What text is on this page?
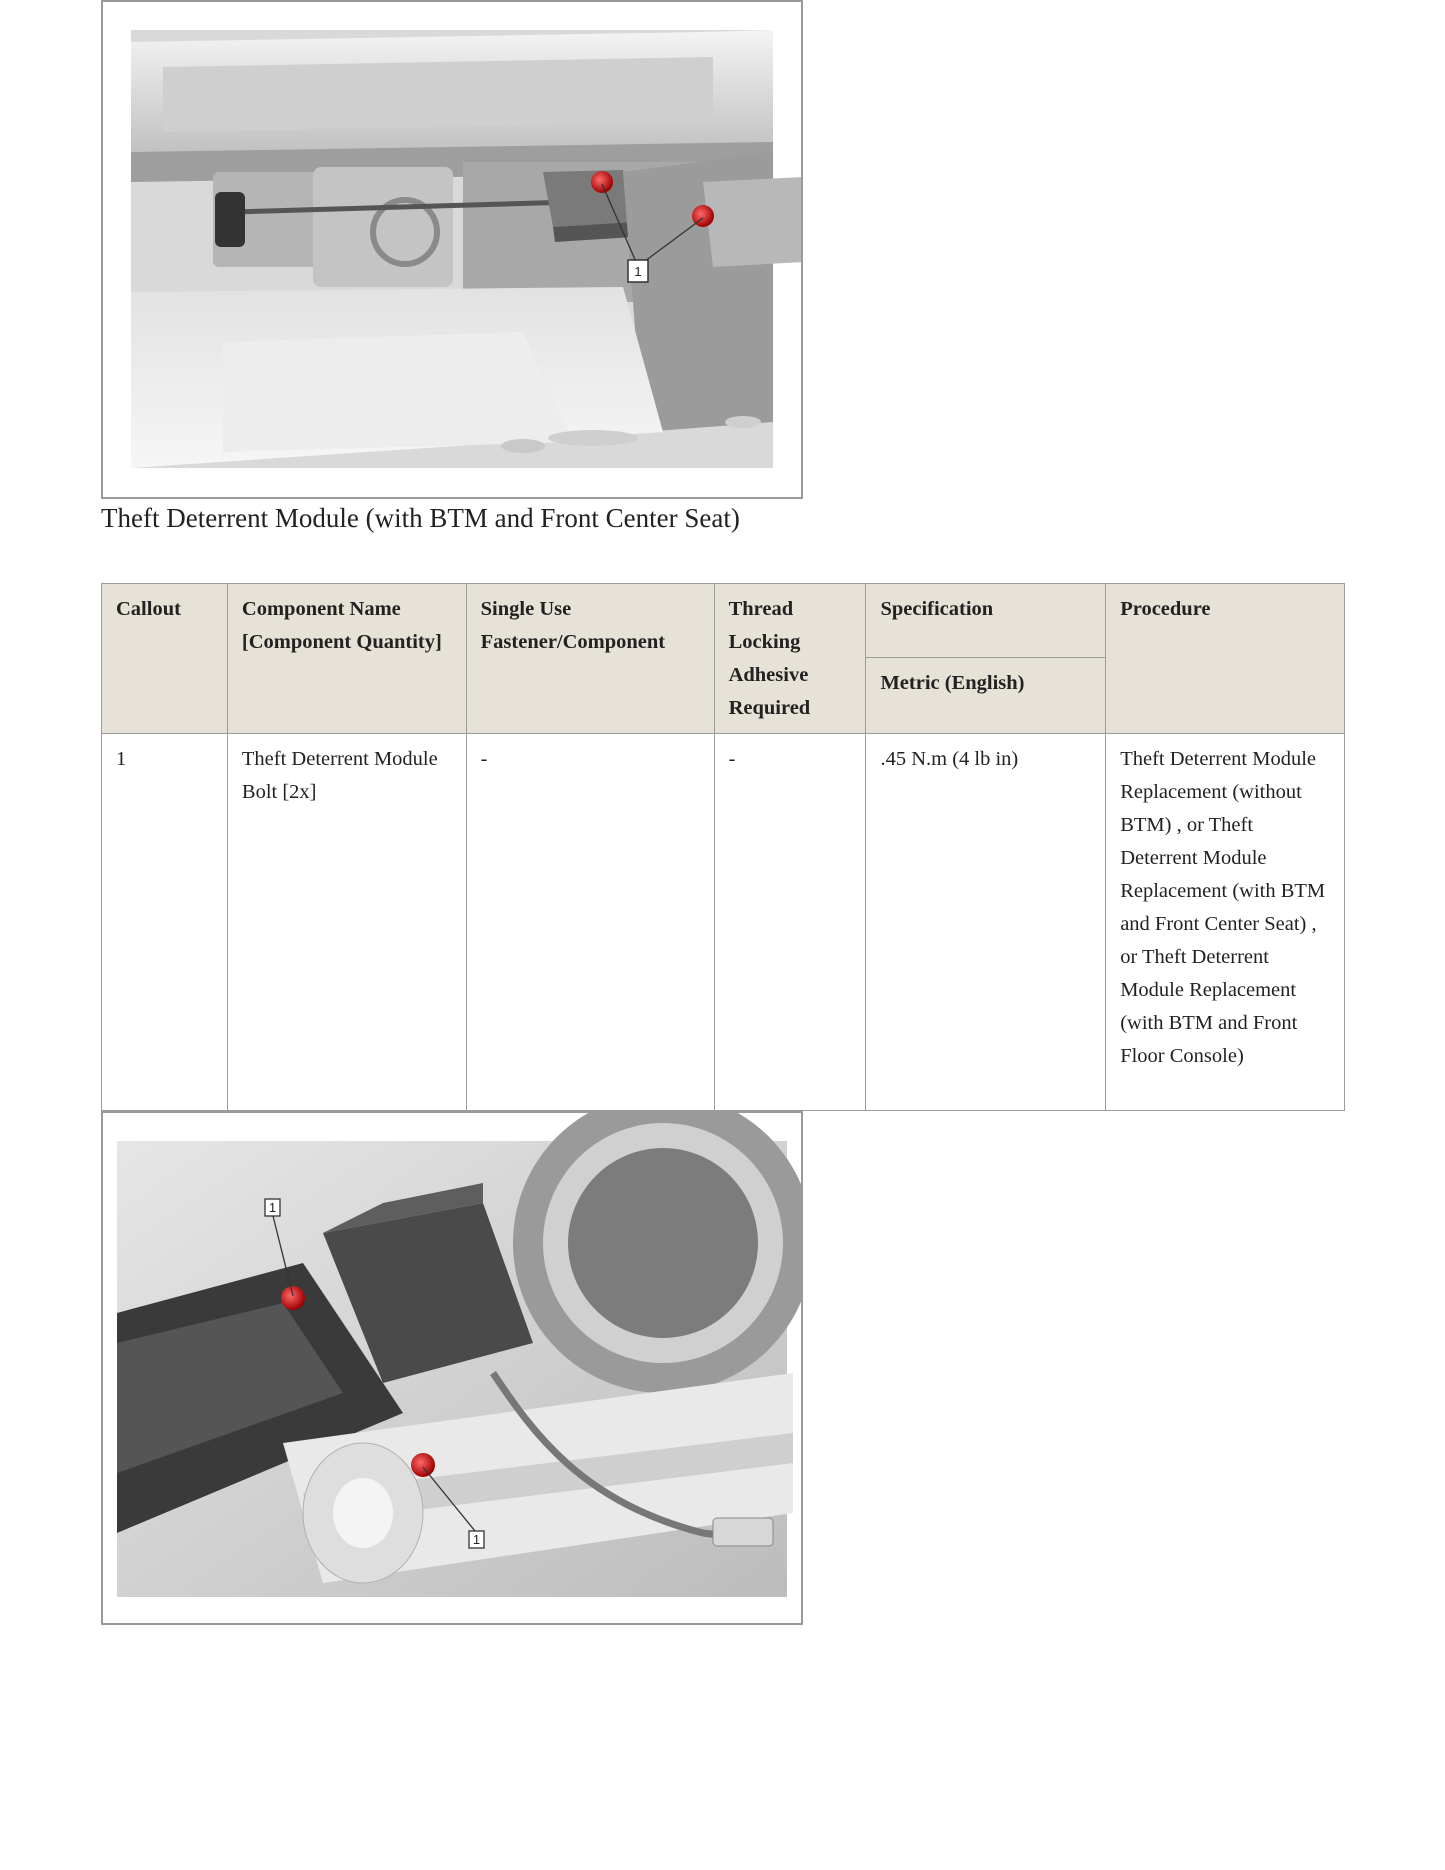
1
Theft Deterrent Module (with BTM and Front Center Seat)
Callout	Component Name [Component Quantity]	Single Use Fastener/Component	Thread Locking Adhesive Required	Specification	Procedure
				Metric (English)	
1	Theft Deterrent Module Bolt [2x]	-	-	.45 N.m (4 lb in)	Theft Deterrent Module Replacement (without BTM) , or Theft Deterrent Module Replacement (with BTM and Front Center Seat) , or Theft Deterrent Module Replacement (with BTM and Front Floor Console)
1
1
